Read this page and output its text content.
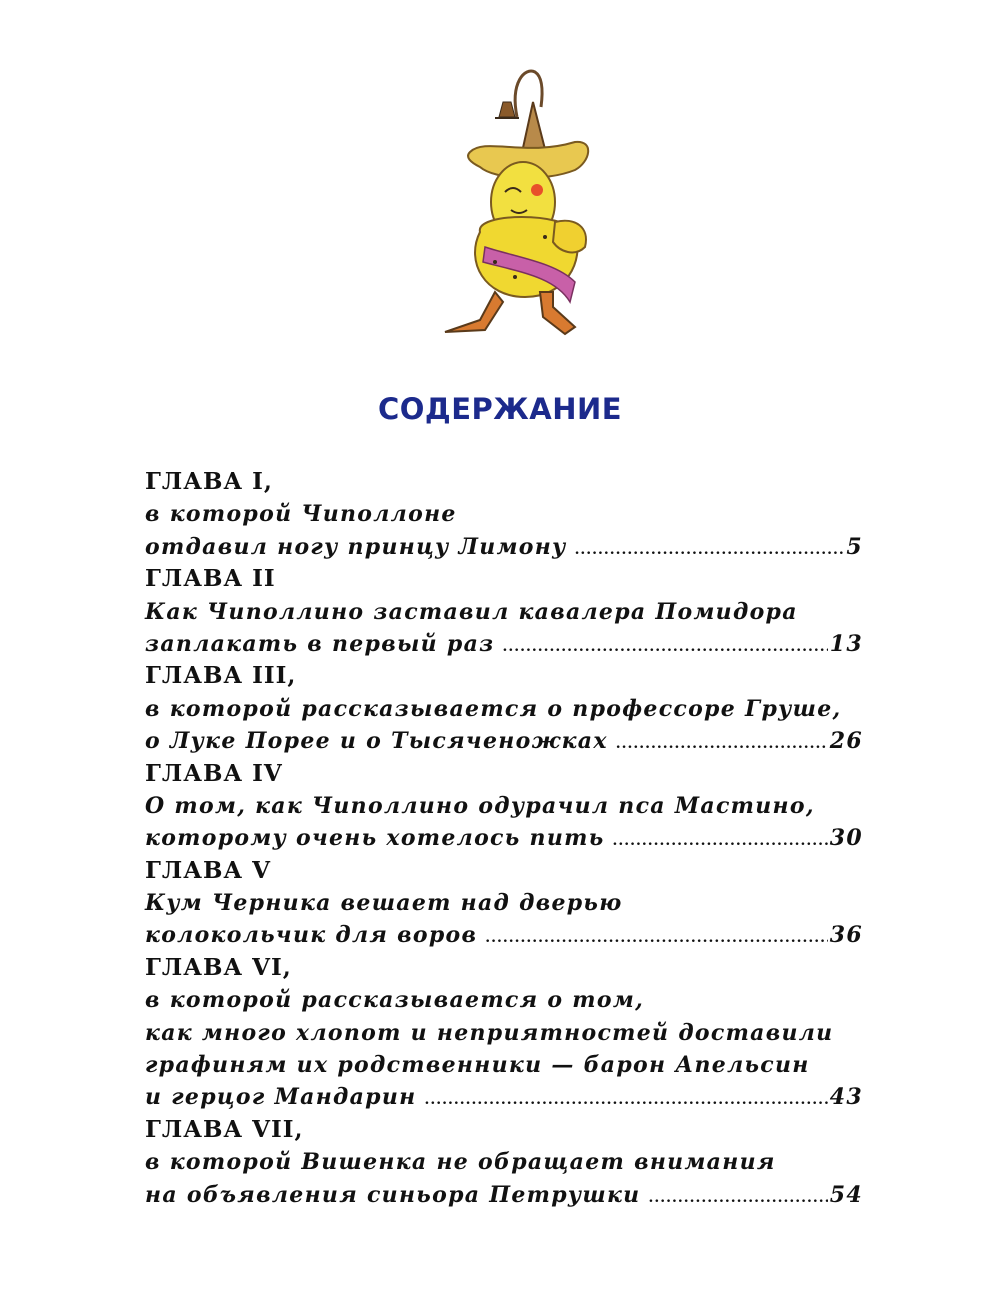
СОДЕРЖАНИЕ
ГЛАВА I,
в которой Чиполлоне
отдавил ногу принцу Лимону .....	5
ГЛАВА II
Как Чиполлино заставил кавалера Помидора
заплакать в первый раз .....	13
ГЛАВА III,
в которой рассказывается о профессоре Груше,
о Луке Порее и о Тысяченожках .....	26
ГЛАВА IV
О том, как Чиполлино одурачил пса Мастино,
которому очень хотелось пить .....	30
ГЛАВА V
Кум Черника вешает над дверью
колокольчик для воров .....	36
ГЛАВА VI,
в которой рассказывается о том,
как много хлопот и неприятностей доставили
графиням их родственники — барон Апельсин
и герцог Мандарин .....	43
ГЛАВА VII,
в которой Вишенка не обращает внимания
на объявления синьора Петрушки .....	54
